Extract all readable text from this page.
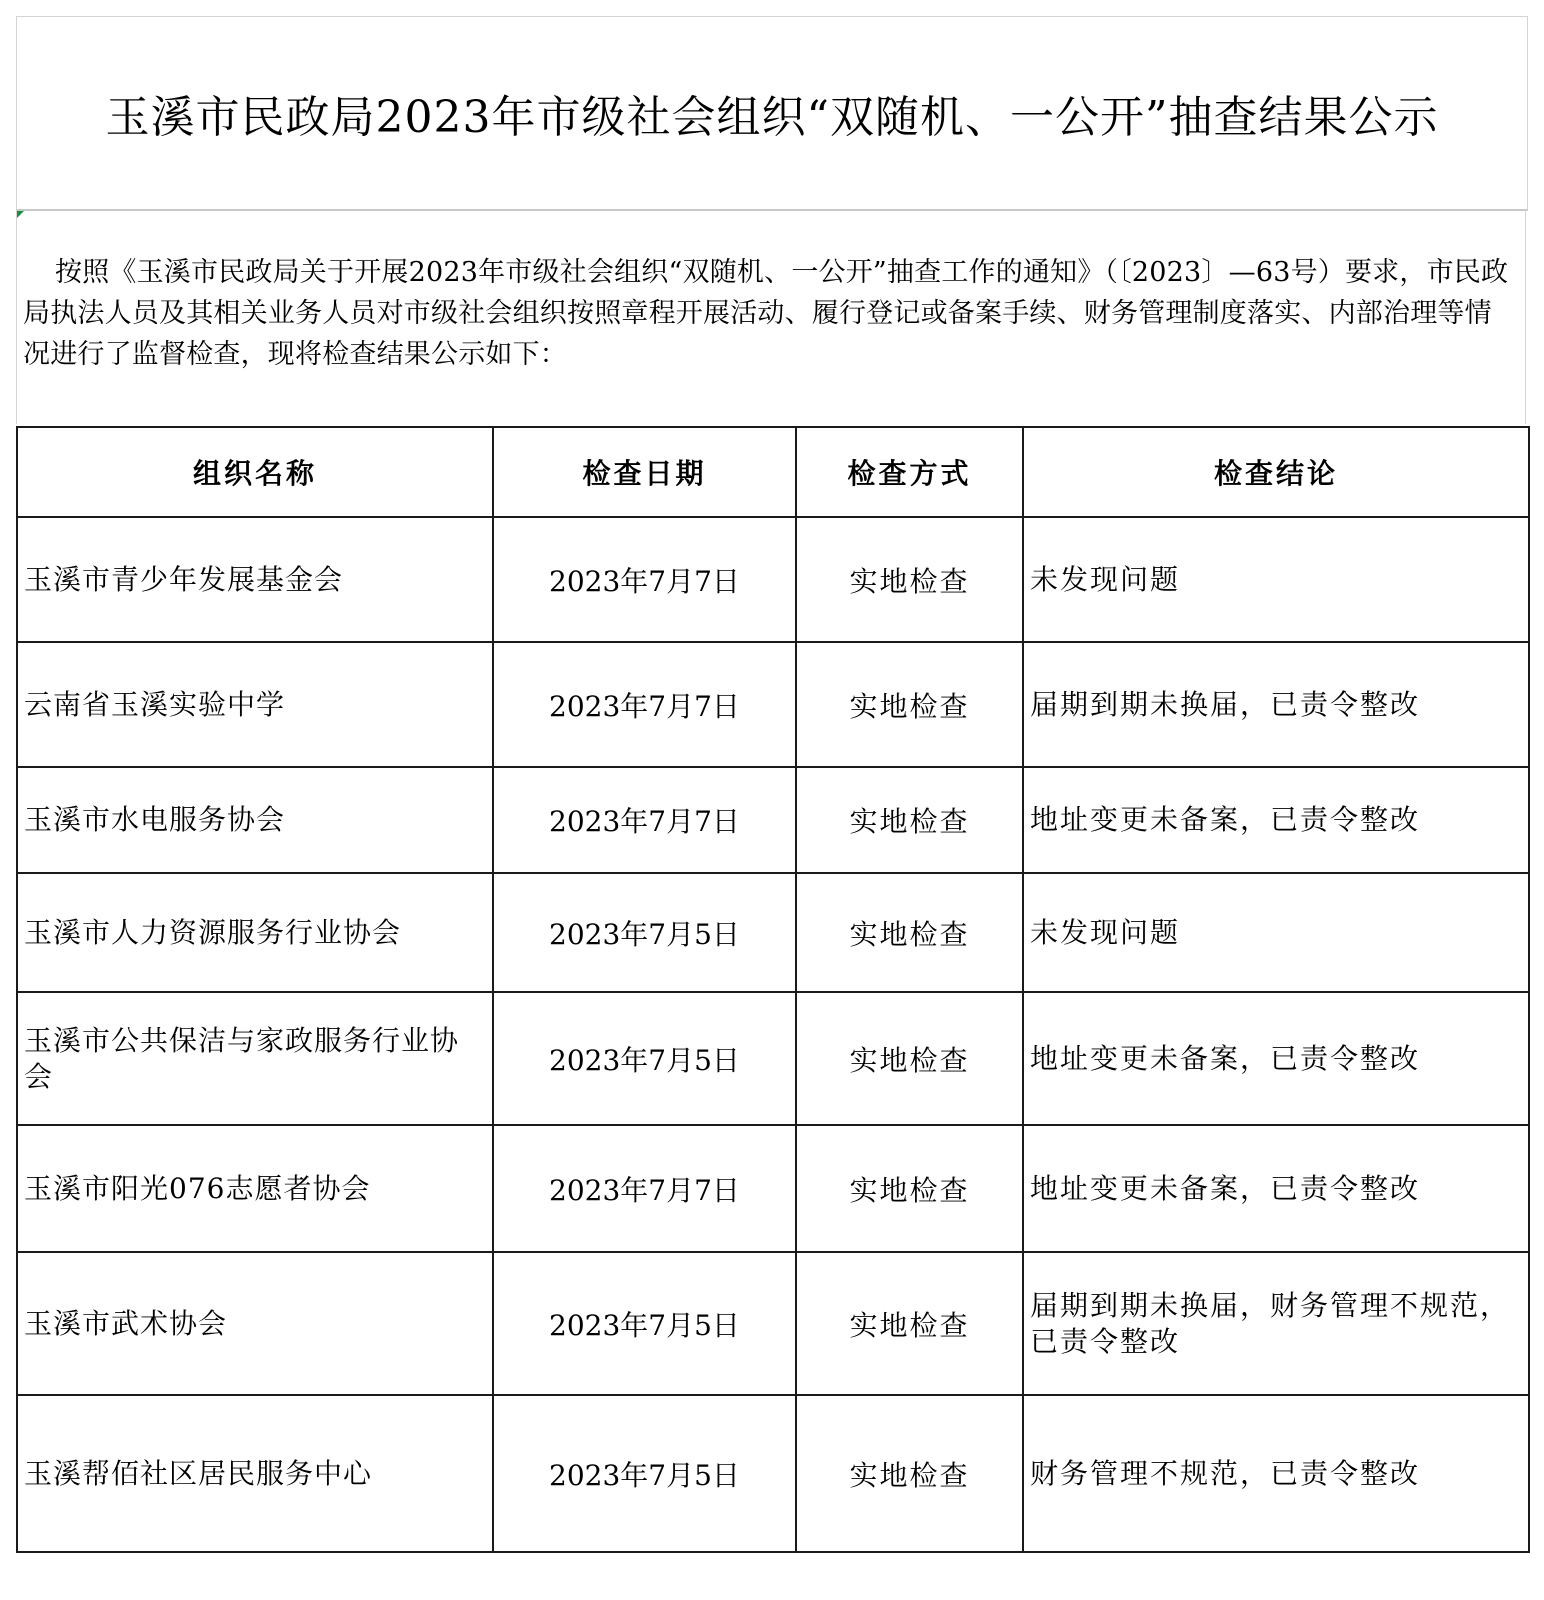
玉溪市民政局2023年市级社会组织“双随机、一公开”抽查结果公示

按照《玉溪市民政局关于开展2023年市级社会组织“双随机、一公开”抽查工作的通知》（〔2023〕—63号）要求，市民政局执法人员及其相关业务人员对市级社会组织按照章程开展活动、履行登记或备案手续、财务管理制度落实、内部治理等情况进行了监督检查，现将检查结果公示如下：

组织名称	检查日期	检查方式	检查结论
玉溪市青少年发展基金会	2023年7月7日	实地检查	未发现问题
云南省玉溪实验中学	2023年7月7日	实地检查	届期到期未换届，已责令整改
玉溪市水电服务协会	2023年7月7日	实地检查	地址变更未备案，已责令整改
玉溪市人力资源服务行业协会	2023年7月5日	实地检查	未发现问题
玉溪市公共保洁与家政服务行业协会	2023年7月5日	实地检查	地址变更未备案，已责令整改
玉溪市阳光076志愿者协会	2023年7月7日	实地检查	地址变更未备案，已责令整改
玉溪市武术协会	2023年7月5日	实地检查	届期到期未换届，财务管理不规范，已责令整改
玉溪帮佰社区居民服务中心	2023年7月5日	实地检查	财务管理不规范，已责令整改
